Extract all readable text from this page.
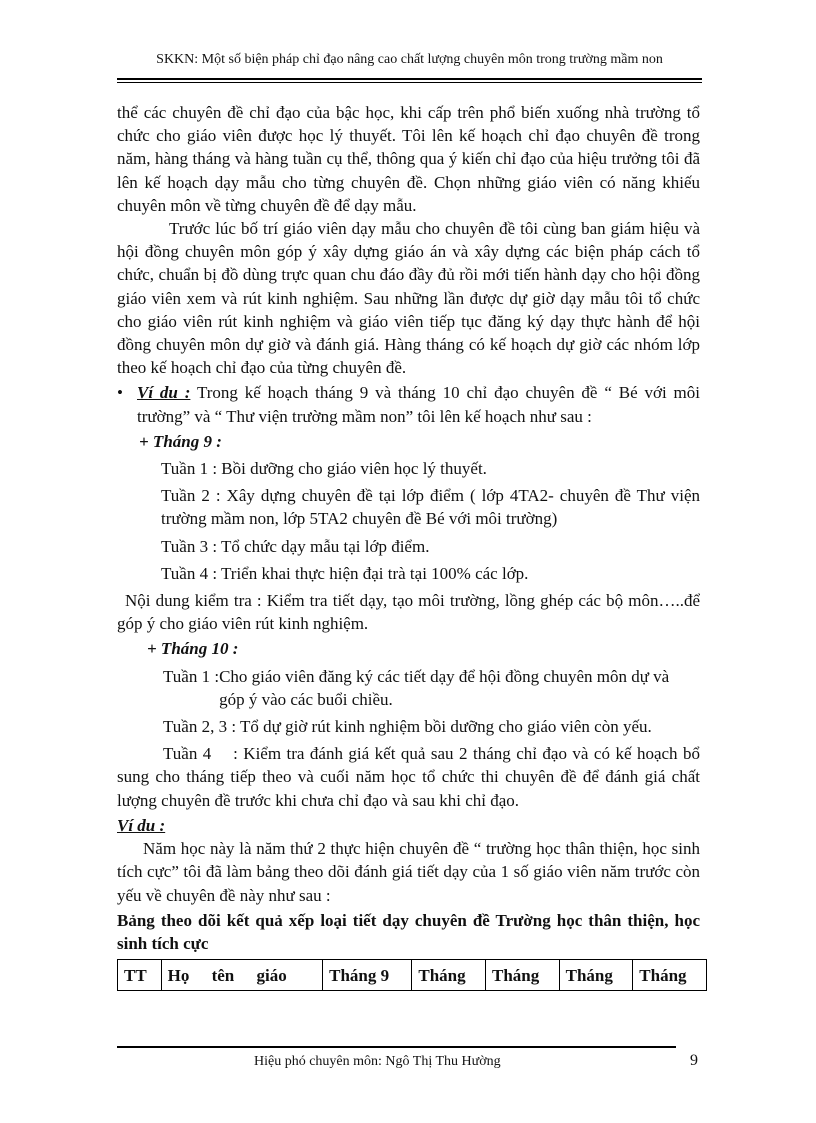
SKKN: Một số biện pháp chỉ đạo nâng cao chất lượng chuyên môn trong trường mầm non

thể các chuyên đề chỉ đạo của bậc học, khi cấp trên phổ biến xuống nhà trường tổ chức cho giáo viên được học lý thuyết. Tôi lên kế hoạch chỉ đạo chuyên đề trong năm, hàng tháng và hàng tuần cụ thể, thông qua ý kiến chỉ đạo của hiệu trưởng tôi đã lên kế hoạch dạy mẫu cho từng chuyên đề. Chọn những giáo viên có năng khiếu chuyên môn về từng chuyên đề để dạy mẫu.

Trước lúc bố trí giáo viên dạy mẫu cho chuyên đề tôi cùng ban giám hiệu và hội đồng chuyên môn góp ý xây dựng giáo án và xây dựng các biện pháp cách tổ chức, chuẩn bị đồ dùng trực quan chu đáo đầy đủ rồi mới tiến hành dạy cho hội đồng giáo viên xem và rút kinh nghiệm. Sau những lần được dự giờ dạy mẫu tôi tổ chức cho giáo viên rút kinh nghiệm và giáo viên tiếp tục đăng ký dạy thực hành để hội đồng chuyên môn dự giờ và đánh giá. Hàng tháng có kế hoạch dự giờ các nhóm lớp theo kế hoạch chỉ đạo của từng chuyên đề.

• Ví du : Trong kế hoạch tháng 9 và tháng 10 chỉ đạo chuyên đề “ Bé với môi trường” và “ Thư viện trường mầm non” tôi lên kế hoạch như sau :

+ Tháng 9 :
Tuần 1 : Bồi dưỡng cho giáo viên học lý thuyết.
Tuần 2 : Xây dựng chuyên đề tại lớp điểm ( lớp 4TA2- chuyên đề Thư viện trường mầm non, lớp 5TA2 chuyên đề Bé với môi trường)
Tuần 3 : Tổ chức dạy mẫu tại lớp điểm.
Tuần 4 : Triển khai thực hiện đại trà tại 100% các lớp.

Nội dung kiểm tra : Kiểm tra tiết dạy, tạo môi trường, lồng ghép các bộ môn…..để góp ý cho giáo viên rút kinh nghiệm.

+ Tháng 10 :
Tuần 1 : Cho giáo viên đăng ký các tiết dạy để hội đồng chuyên môn dự và góp ý vào các buổi chiều.
Tuần 2, 3 : Tổ dự giờ rút kinh nghiệm bồi dưỡng cho giáo viên còn yếu.

Tuần 4    : Kiểm tra đánh giá kết quả sau 2 tháng chỉ đạo và có kế hoạch bổ sung cho tháng tiếp theo và cuối năm học tổ chức thi chuyên đề để đánh giá chất lượng chuyên đề trước khi chưa chỉ đạo và sau khi chỉ đạo.

Ví du :

Năm học này là năm thứ 2 thực hiện chuyên đề “ trường học thân thiện, học sinh tích cực” tôi đã làm bảng theo dõi đánh giá tiết dạy của 1 số giáo viên năm trước còn yếu về chuyên đề này như sau :

Bảng theo dõi kết quả xếp loại tiết dạy chuyên đề Trường học thân thiện, học sinh tích cực

TT	Họ tên giáo	Tháng 9	Tháng	Tháng	Tháng	Tháng
Hiệu phó chuyên môn: Ngô Thị Thu Hường	9
